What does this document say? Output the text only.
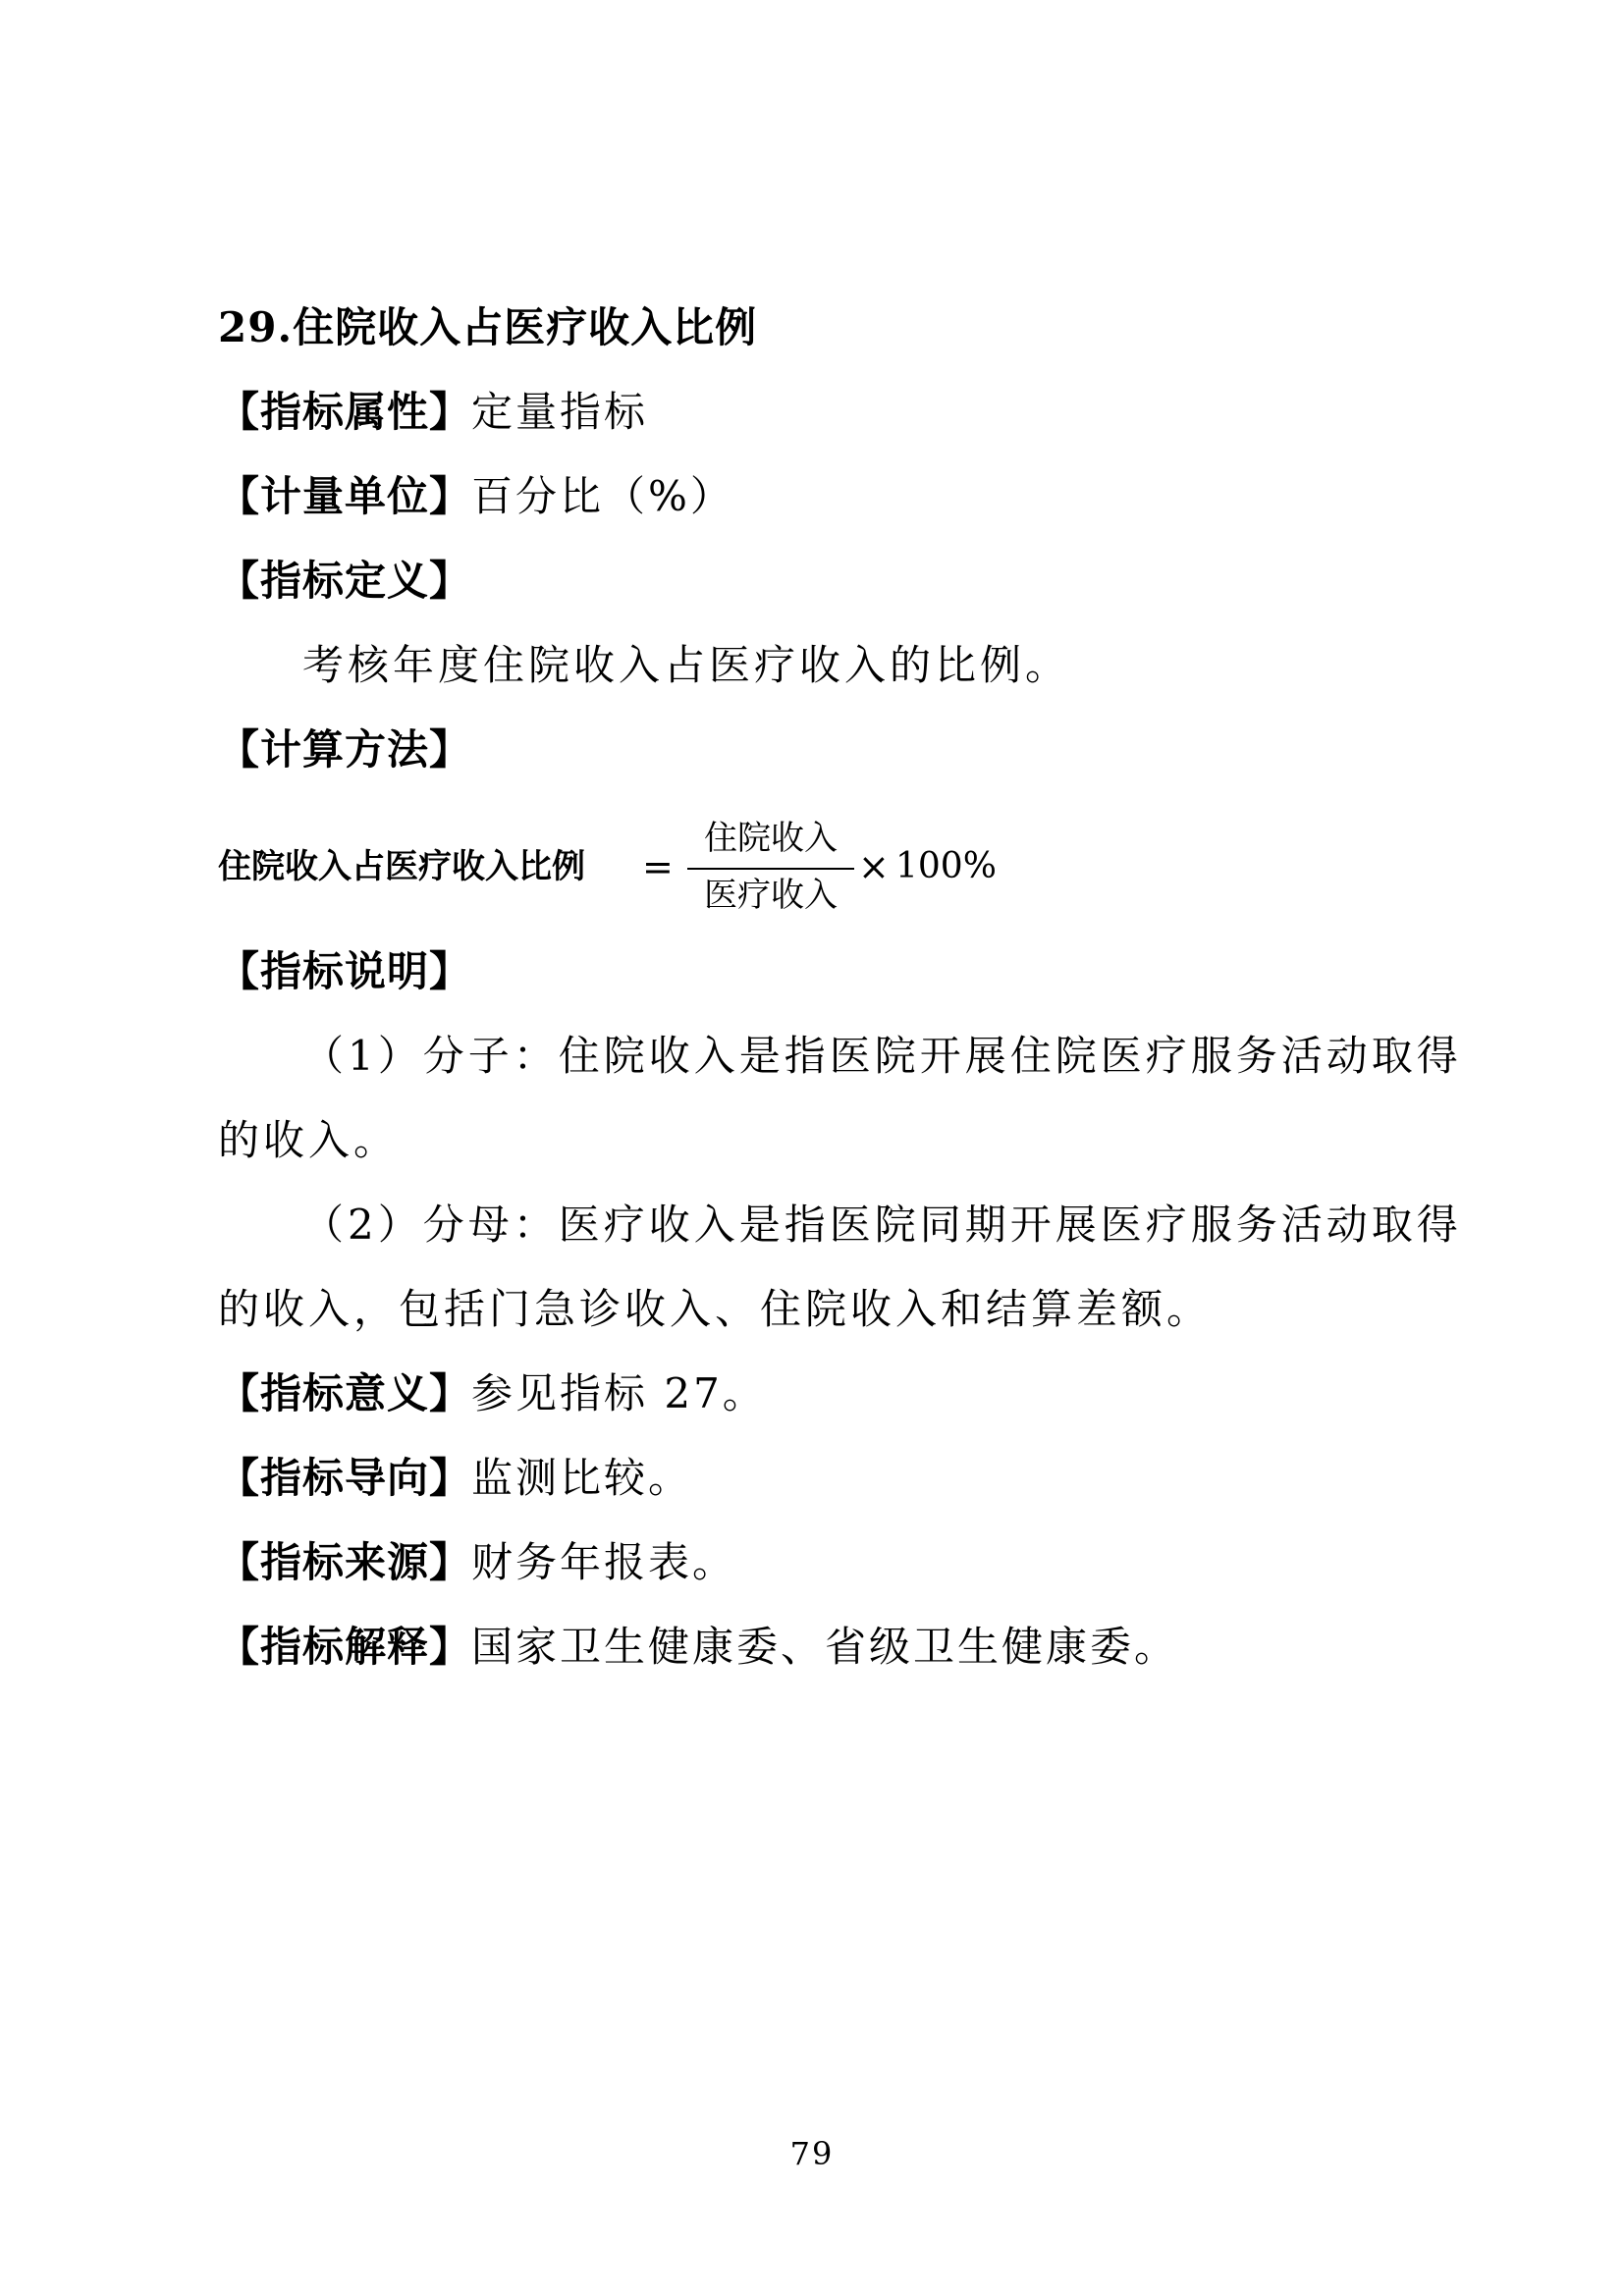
29.住院收入占医疗收入比例
【指标属性】定量指标
【计量单位】百分比（%）
【指标定义】
考核年度住院收入占医疗收入的比例。
【计算方法】
住院收入占医疗收入比例 =
住院收入
医疗收入
× 100%
【指标说明】
（1）分子：住院收入是指医院开展住院医疗服务活动取得
的收入。
（2）分母：医疗收入是指医院同期开展医疗服务活动取得
的收入，包括门急诊收入、住院收入和结算差额。
【指标意义】参见指标 27。
【指标导向】监测比较。
【指标来源】财务年报表。
【指标解释】国家卫生健康委、省级卫生健康委。
79
